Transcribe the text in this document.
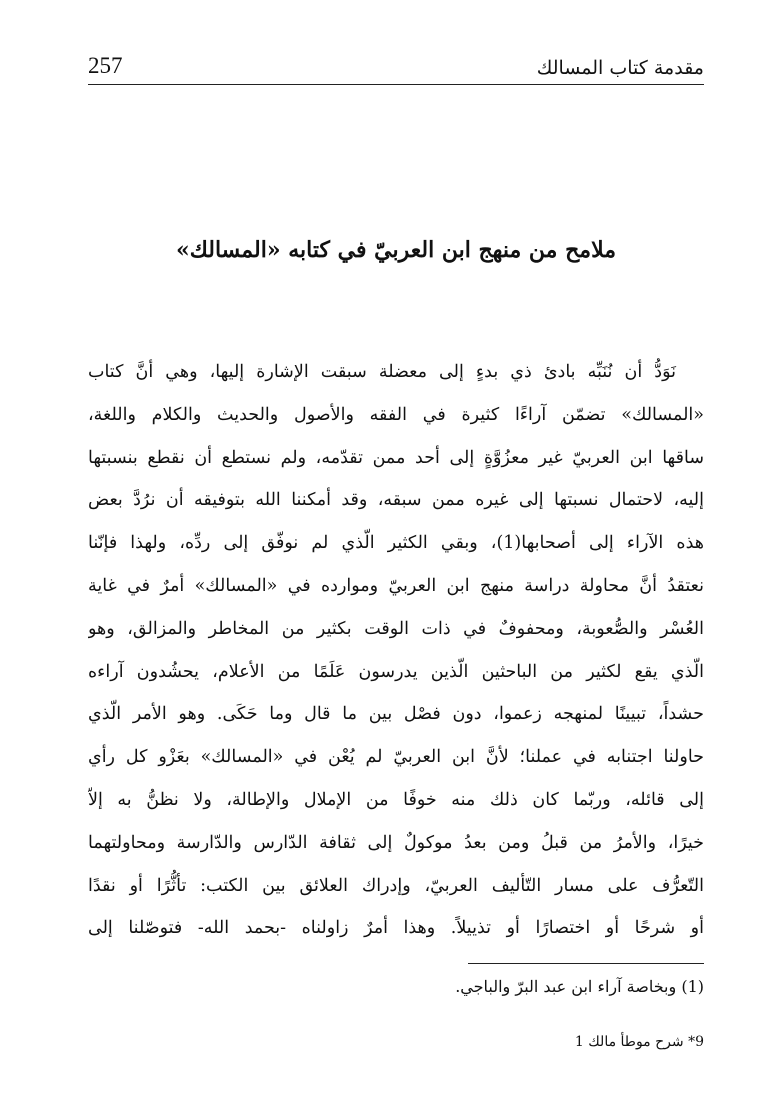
مقدمة كتاب المسالك
257
ملامح من منهج ابن العربيّ في كتابه «المسالك»
نَوَدُّ أن نُنَبِّه بادئ ذي بدءٍ إلى معضلة سبقت الإشارة إليها، وهي أنَّ كتاب
«المسالك» تضمّن آراءًا كثيرة في الفقه والأصول والحديث والكلام واللغة،
ساقها ابن العربيّ غير معزُوَّةٍ إلى أحد ممن تقدّمه، ولم نستطع أن نقطع بنسبتها
إليه، لاحتمال نسبتها إلى غيره ممن سبقه، وقد أمكننا الله بتوفيقه أن نرُدَّ بعض
هذه الآراء إلى أصحابها(1)، وبقي الكثير الّذي لم نوفّق إلى ردِّه، ولهذا فإنّنا
نعتقدُ أنَّ محاولة دراسة منهج ابن العربيّ وموارده في «المسالك» أمرٌ في غاية
العُسْر والصُّعوبة، ومحفوفٌ في ذات الوقت بكثير من المخاطر والمزالق، وهو
الّذي يقع لكثير من الباحثين الّذين يدرسون عَلَمًا من الأعلام، يحشُدون آراءه
حشداً، تبيينًا لمنهجه زعموا، دون فصْل بين ما قال وما حَكَى. وهو الأمر الّذي
حاولنا اجتنابه في عملنا؛ لأنَّ ابن العربيّ لم يُعْن في «المسالك» بعَزْو كل رأي
إلى قائله، وربّما كان ذلك منه خوفًا من الإملال والإطالة، ولا نظنُّ به إلاّ
خيرًا، والأمرُ من قبلُ ومن بعدُ موكولٌ إلى ثقافة الدّارس والدّارسة ومحاولتهما
التّعرُّف على مسار التّأليف العربيّ، وإدراك العلائق بين الكتب: تأثُّرًا أو نقدًا
أو شرحًا أو اختصارًا أو تذييلاً. وهذا أمرٌ زاولناه -بحمد الله- فتوصّلنا إلى
(1) وبخاصة آراء ابن عبد البرّ والباجي.
9* شرح موطأ مالك 1
